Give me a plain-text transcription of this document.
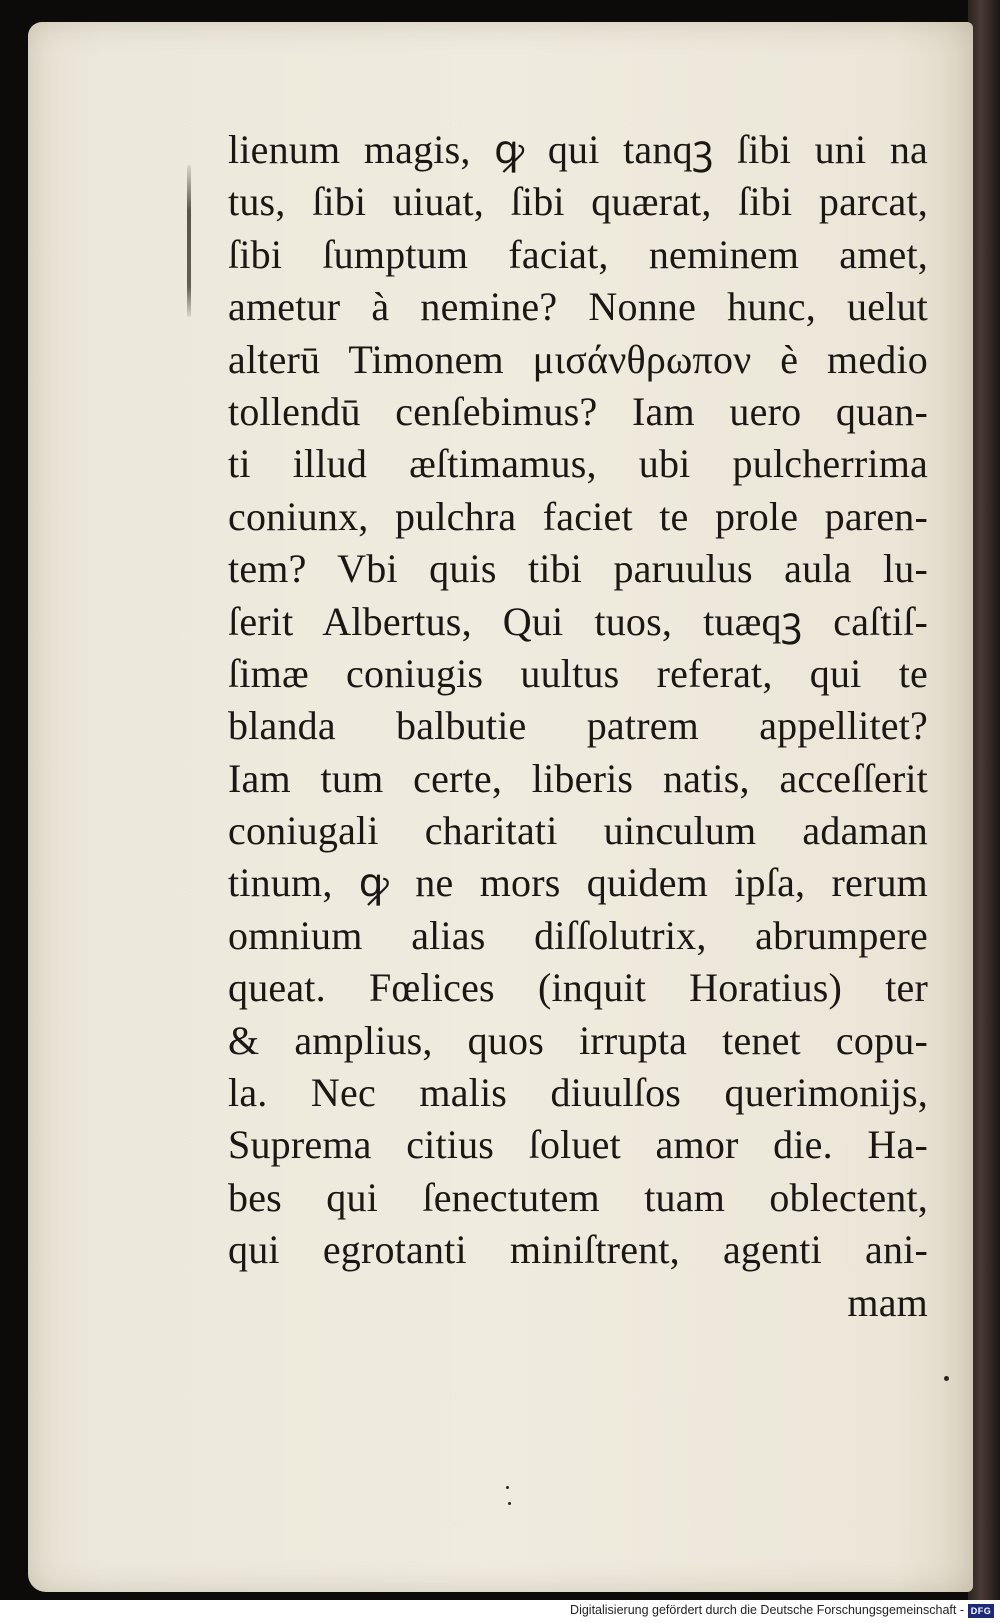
lienum magis, ꝙ qui tanqꝫ ſibi uni na
tus, ſibi uiuat, ſibi quærat, ſibi parcat,
ſibi ſumptum faciat, neminem amet,
ametur à nemine? Nonne hunc, uelut
alterū Timonem μισάνθρωπον è medio
tollendū cenſebimus? Iam uero quan-
ti illud æſtimamus, ubi pulcherrima
coniunx, pulchra faciet te prole paren-
tem? Vbi quis tibi paruulus aula lu-
ſerit Albertus, Qui tuos, tuæqꝫ caſtiſ-
ſimæ coniugis uultus referat, qui te
blanda balbutie patrem appellitet?
Iam tum certe, liberis natis, acceſſerit
coniugali charitati uinculum adaman
tinum, ꝙ ne mors quidem ipſa, rerum
omnium alias diſſolutrix, abrumpere
queat. Fœlices (inquit Horatius) ter
& amplius, quos irrupta tenet copu-
la. Nec malis diuulſos querimonijs,
Suprema citius ſoluet amor die. Ha-
bes qui ſenectutem tuam oblectent,
qui egrotanti miniſtrent, agenti ani-
mam
Digitalisierung gefördert durch die Deutsche Forschungsgemeinschaft - DFG
